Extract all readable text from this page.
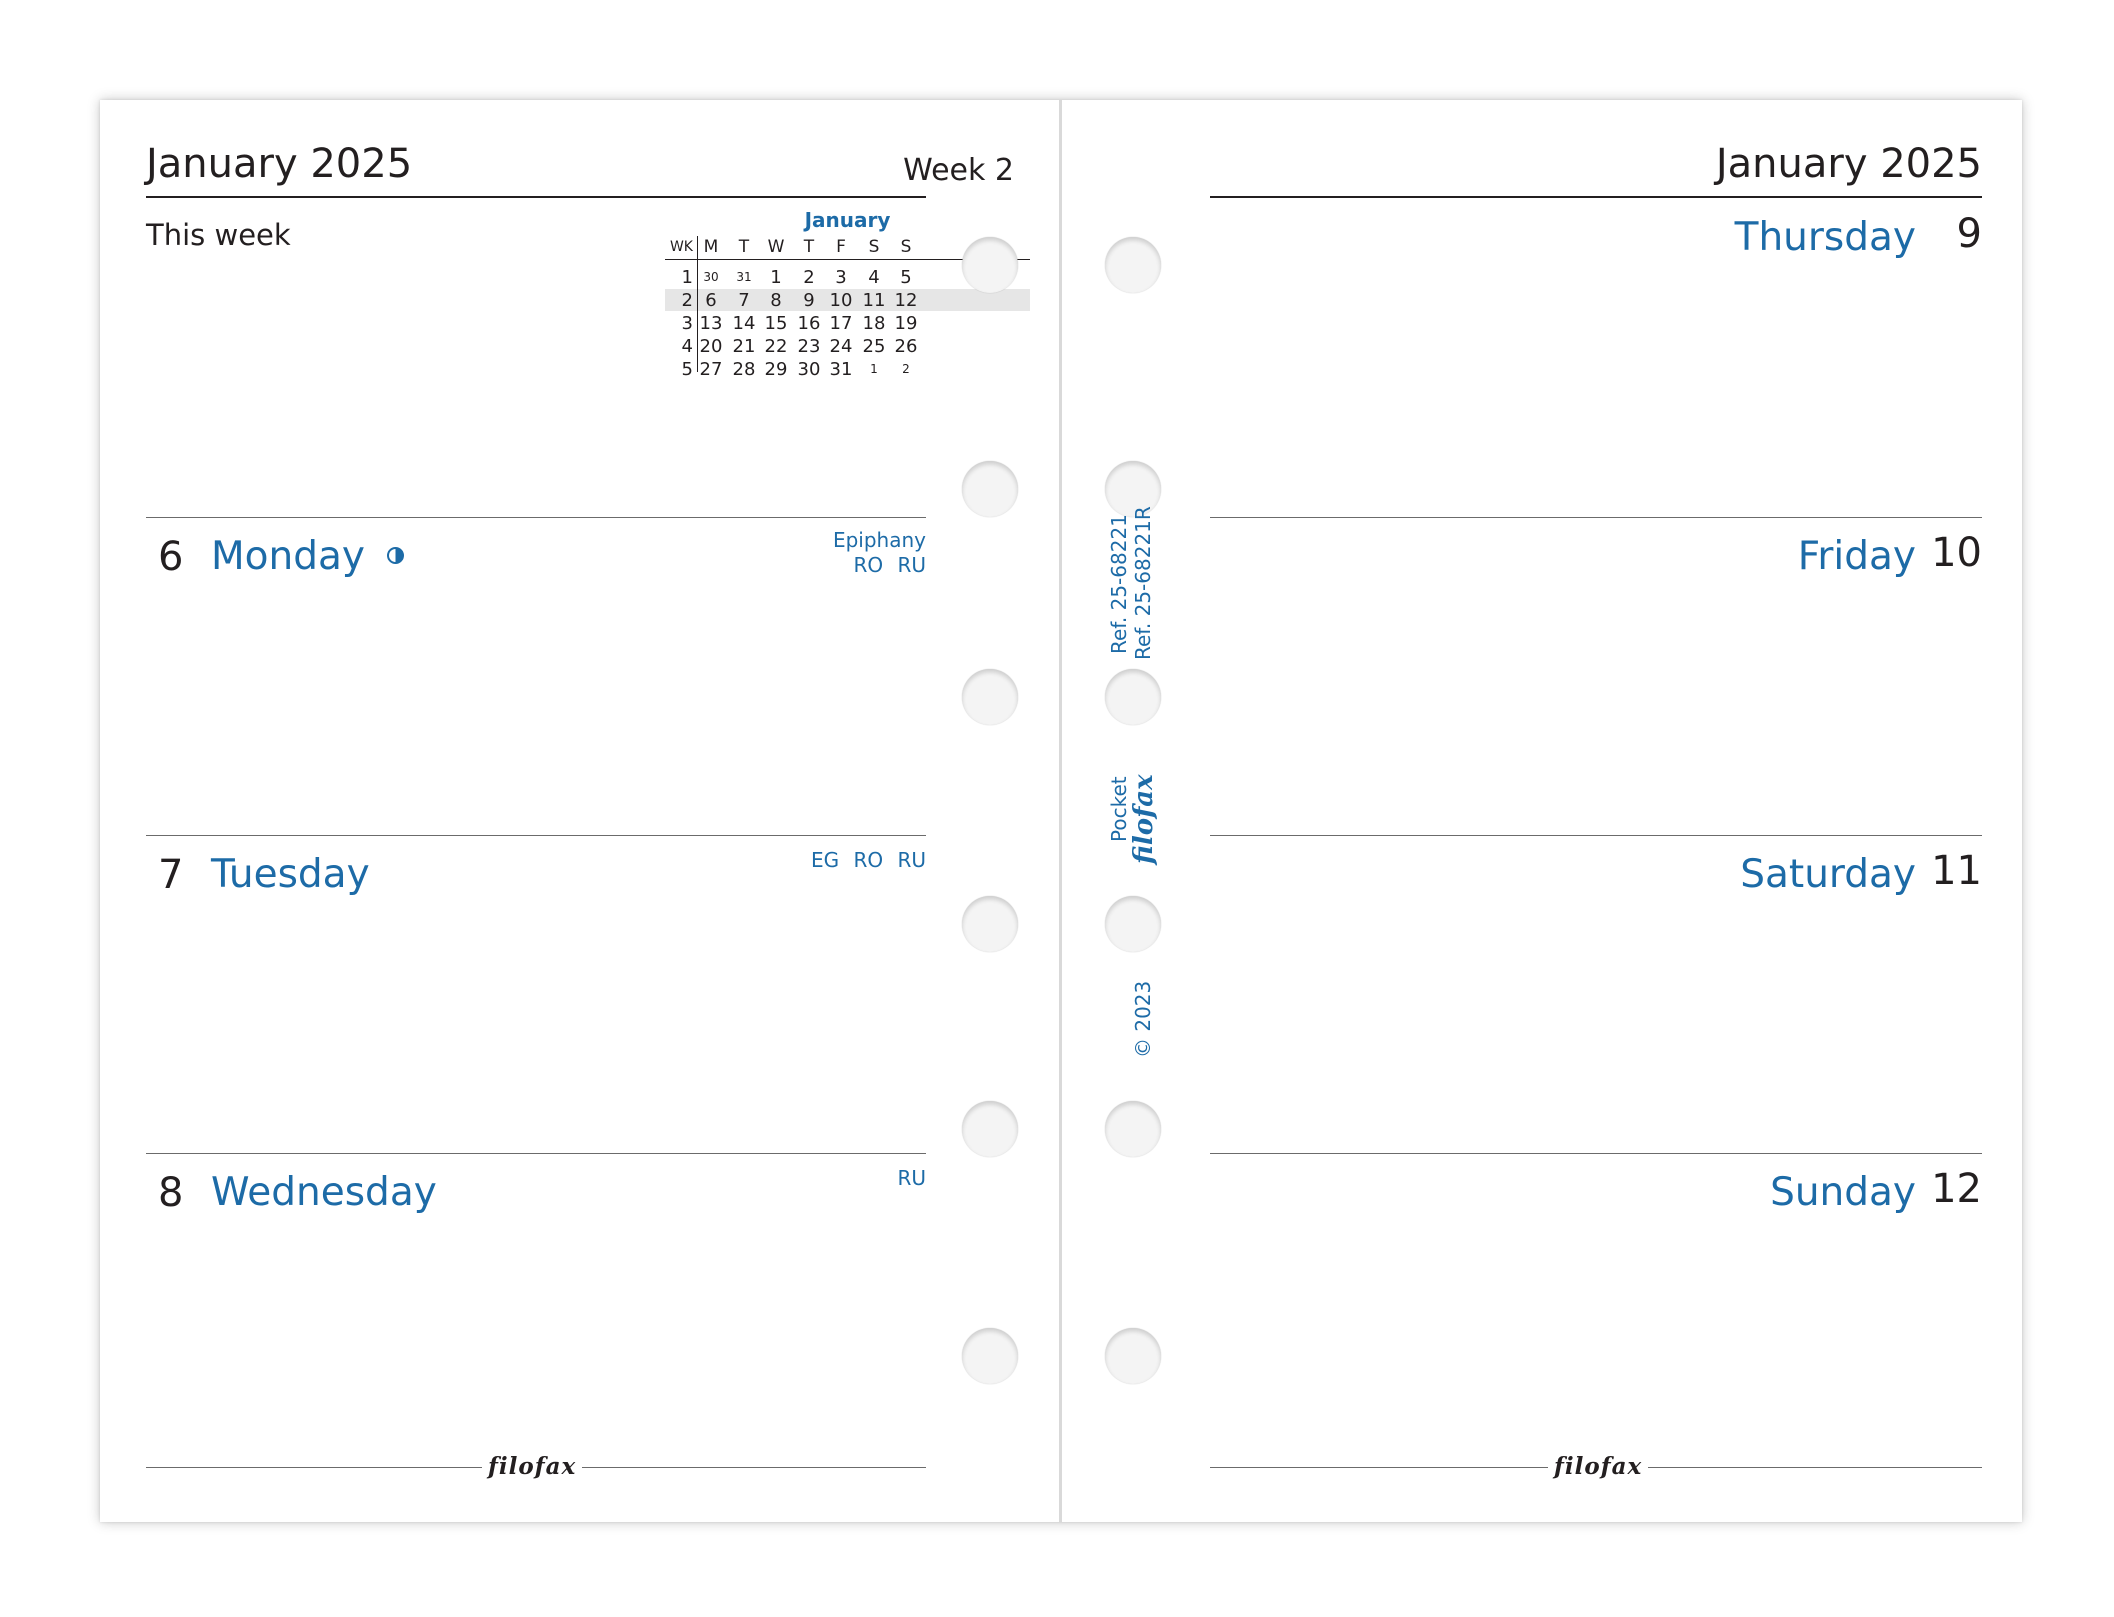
January 2025	Week 2
This week	January
WK M	T	W	T	F	S	S
1 30	31	1	2	3	4	5
2 6	7	8	9 10 11 12
3 13 14 15 16 17 18 19
4 20 21 22 23 24 25 26
5 27 28 29 30 31	1	2
6 Monday	Epiphany
RO RU
7 Tuesday	EG RO RU
8 Wednesday	RU
filofax
January 2025
Thursday 9
Friday 10
Saturday 11
Sunday 12
filofax
Ref. 25-68221 Ref. 25-68221R
Pocket
filofax
© 2023
